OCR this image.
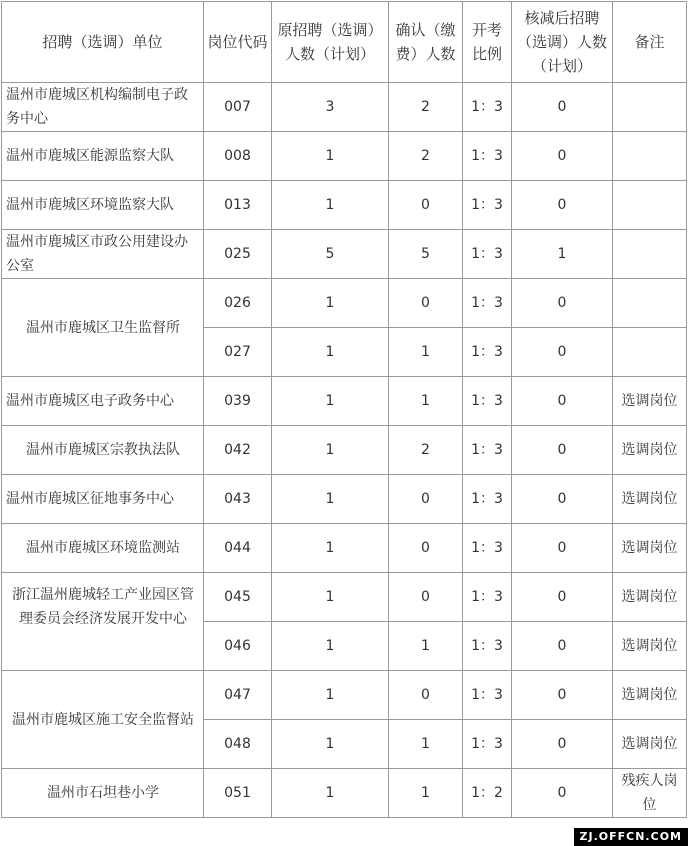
招聘（选调）单位	岗位代码	原招聘（选调）人数（计划）	确认（缴费）人数	开考比例	核减后招聘（选调）人数（计划）	备注
温州市鹿城区机构编制电子政务中心	007	3	2	1：3	0	
温州市鹿城区能源监察大队	008	1	2	1：3	0	
温州市鹿城区环境监察大队	013	1	0	1：3	0	
温州市鹿城区市政公用建设办公室	025	5	5	1：3	1	
温州市鹿城区卫生监督所	026	1	0	1：3	0	
	027	1	1	1：3	0	
温州市鹿城区电子政务中心	039	1	1	1：3	0	选调岗位
温州市鹿城区宗教执法队	042	1	2	1：3	0	选调岗位
温州市鹿城区征地事务中心	043	1	0	1：3	0	选调岗位
温州市鹿城区环境监测站	044	1	0	1：3	0	选调岗位
浙江温州鹿城轻工产业园区管理委员会经济发展开发中心	045	1	0	1：3	0	选调岗位
	046	1	1	1：3	0	选调岗位
温州市鹿城区施工安全监督站	047	1	0	1：3	0	选调岗位
	048	1	1	1：3	0	选调岗位
温州市石坦巷小学	051	1	1	1：2	0	残疾人岗位
ZJ.OFFCN.COM
